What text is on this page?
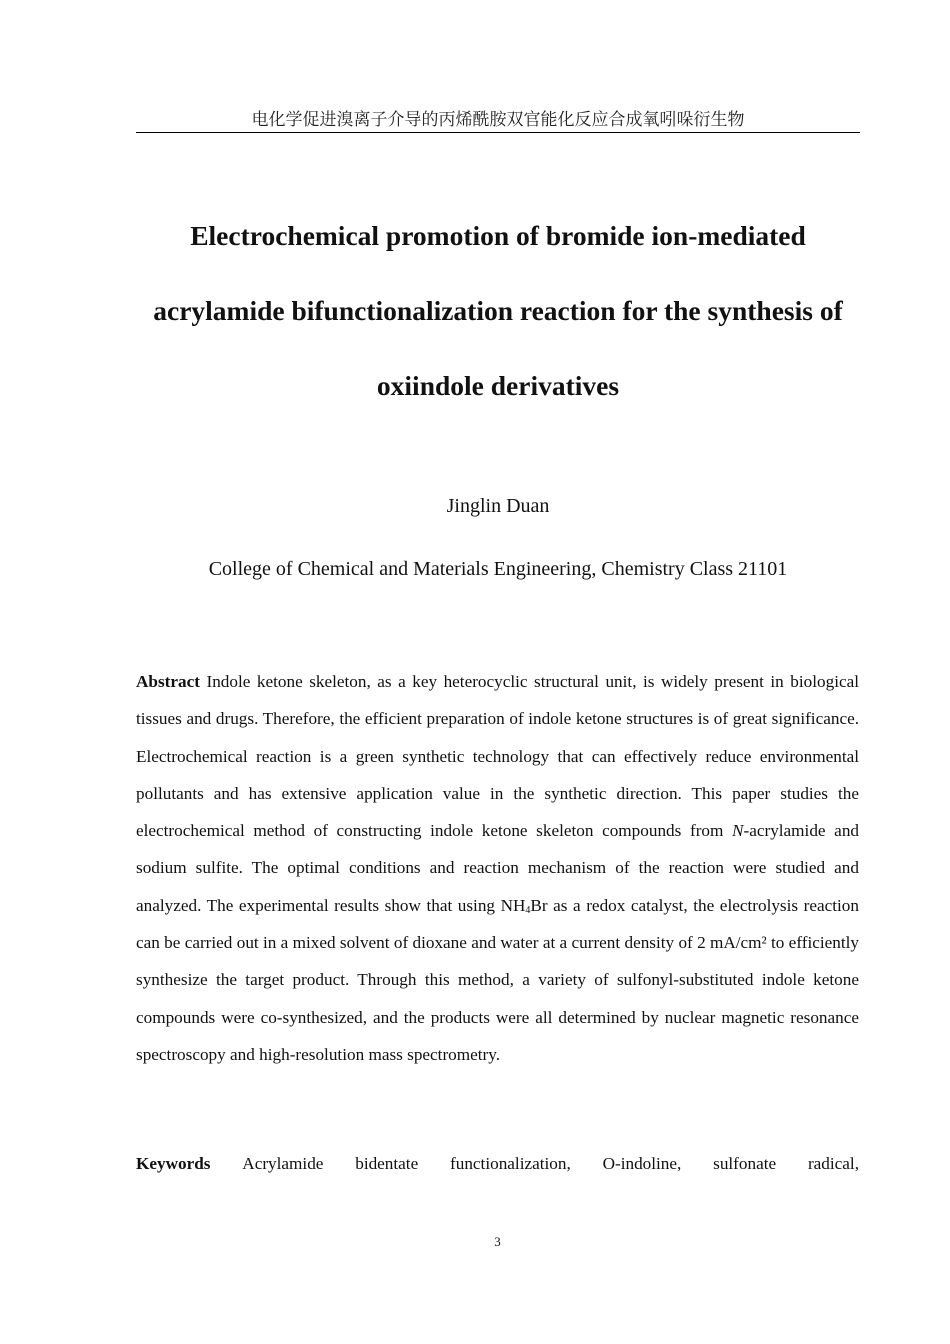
电化学促进溴离子介导的丙烯酰胺双官能化反应合成氧吲哚衍生物
Electrochemical promotion of bromide ion-mediated
acrylamide bifunctionalization reaction for the synthesis of
oxiindole derivatives
Jinglin Duan
College of Chemical and Materials Engineering, Chemistry Class 21101

Abstract Indole ketone skeleton, as a key heterocyclic structural unit, is widely present in biological tissues and drugs. Therefore, the efficient preparation of indole ketone structures is of great significance. Electrochemical reaction is a green synthetic technology that can effectively reduce environmental pollutants and has extensive application value in the synthetic direction. This paper studies the electrochemical method of constructing indole ketone skeleton compounds from N-acrylamide and sodium sulfite. The optimal conditions and reaction mechanism of the reaction were studied and analyzed. The experimental results show that using $NH_4Br$ as a redox catalyst, the electrolysis reaction can be carried out in a mixed solvent of dioxane and water at a current density of 2 mA/cm² to efficiently synthesize the target product. Through this method, a variety of sulfonyl-substituted indole ketone compounds were co-synthesized, and the products were all determined by nuclear magnetic resonance spectroscopy and high-resolution mass spectrometry.

Keywords Acrylamide bidentate functionalization, O-indoline, sulfonate radical,

3
